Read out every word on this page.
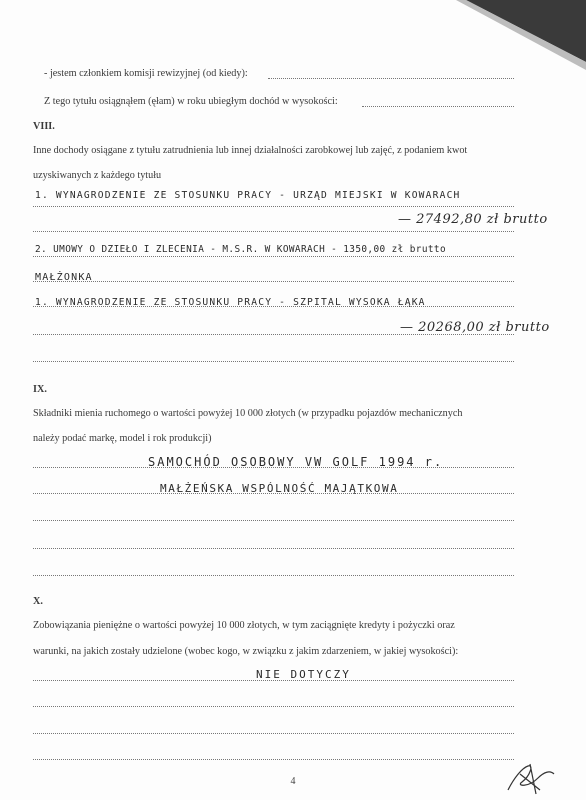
- jestem członkiem komisji rewizyjnej (od kiedy):
Z tego tytułu osiągnąłem (ęłam) w roku ubiegłym dochód w wysokości:
VIII.
Inne dochody osiągane z tytułu zatrudnienia lub innej działalności zarobkowej lub zajęć, z podaniem kwot
uzyskiwanych z każdego tytułu
1. WYNAGRODZENIE ZE STOSUNKU PRACY - URZĄD MIEJSKI W KOWARACH
— 27492,80 zł brutto
2. UMOWY O DZIEŁO I ZLECENIA - M.S.R. W KOWARACH - 1350,00 zł brutto
MAŁŻONKA
1. WYNAGRODZENIE ZE STOSUNKU PRACY - SZPITAL WYSOKA ŁĄKA
— 20268,00 zł brutto
IX.
Składniki mienia ruchomego o wartości powyżej 10 000 złotych (w przypadku pojazdów mechanicznych
należy podać markę, model i rok produkcji)
SAMOCHÓD OSOBOWY VW GOLF 1994 r.
MAŁŻEŃSKA WSPÓLNOŚĆ MAJĄTKOWA
X.
Zobowiązania pieniężne o wartości powyżej 10 000 złotych, w tym zaciągnięte kredyty i pożyczki oraz
warunki, na jakich zostały udzielone (wobec kogo, w związku z jakim zdarzeniem, w jakiej wysokości):
NIE DOTYCZY
4
